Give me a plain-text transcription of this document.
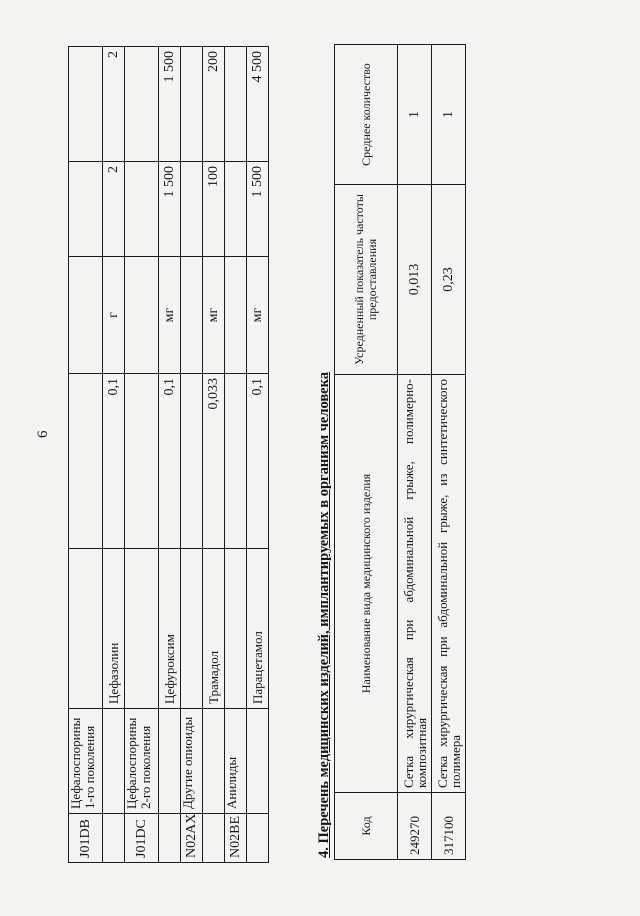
6
J01DB	Цефалоспорины 1-го поколения					
		Цефазолин	0,1	г	2	2
J01DC	Цефалоспорины 2-го поколения					
		Цефуроксим	0,1	мг	1 500	1 500
N02AX	Другие опиоиды					
		Трамадол	0,033	мг	100	200
N02BE	Анилиды					
		Парацетамол	0,1	мг	1 500	4 500
4. Перечень медицинских изделий, имплантируемых в организм человека Код	Наименование вида медицинского изделия	Усредненный показатель частоты предоставления	Среднее количество
249270	Сетка хирургическая при абдоминальной грыже, полимерно-композитная	0,013	1
317100	Сетка хирургическая при абдоминальной грыже, из синтетического полимера	0,23	1
